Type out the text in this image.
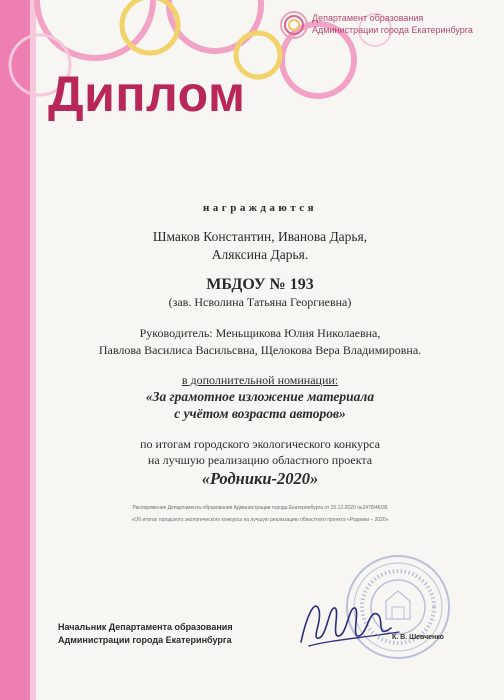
Департамент образования
Администрации города Екатеринбурга
Диплом
награждаются
Шмаков Константин, Иванова Дарья,
Аляксина Дарья.
МБДОУ № 193
(зав. Нсволина Татьяна Георгиевна)
Руководитель: Меньщикова Юлия Николаевна,
Павлова Василиса Васильсвна, Щелокова Вера Владимировна.
в дополнительной номинации:
«За грамотное изложение материала
с учётом возраста авторов»
по итогам городского экологического конкурса
на лучшую реализацию областного проекта
«Родники-2020»
Распоряжение Департамента образования Администрации города Екатеринбурга от 25.12.2020 №2478/46/36
«Об итогах городского экологического конкурса на лучшую реализацию областного проекта «Родники – 2020»
Начальник Департамента образования
Администрации города Екатеринбурга	К. В. Шевченко
